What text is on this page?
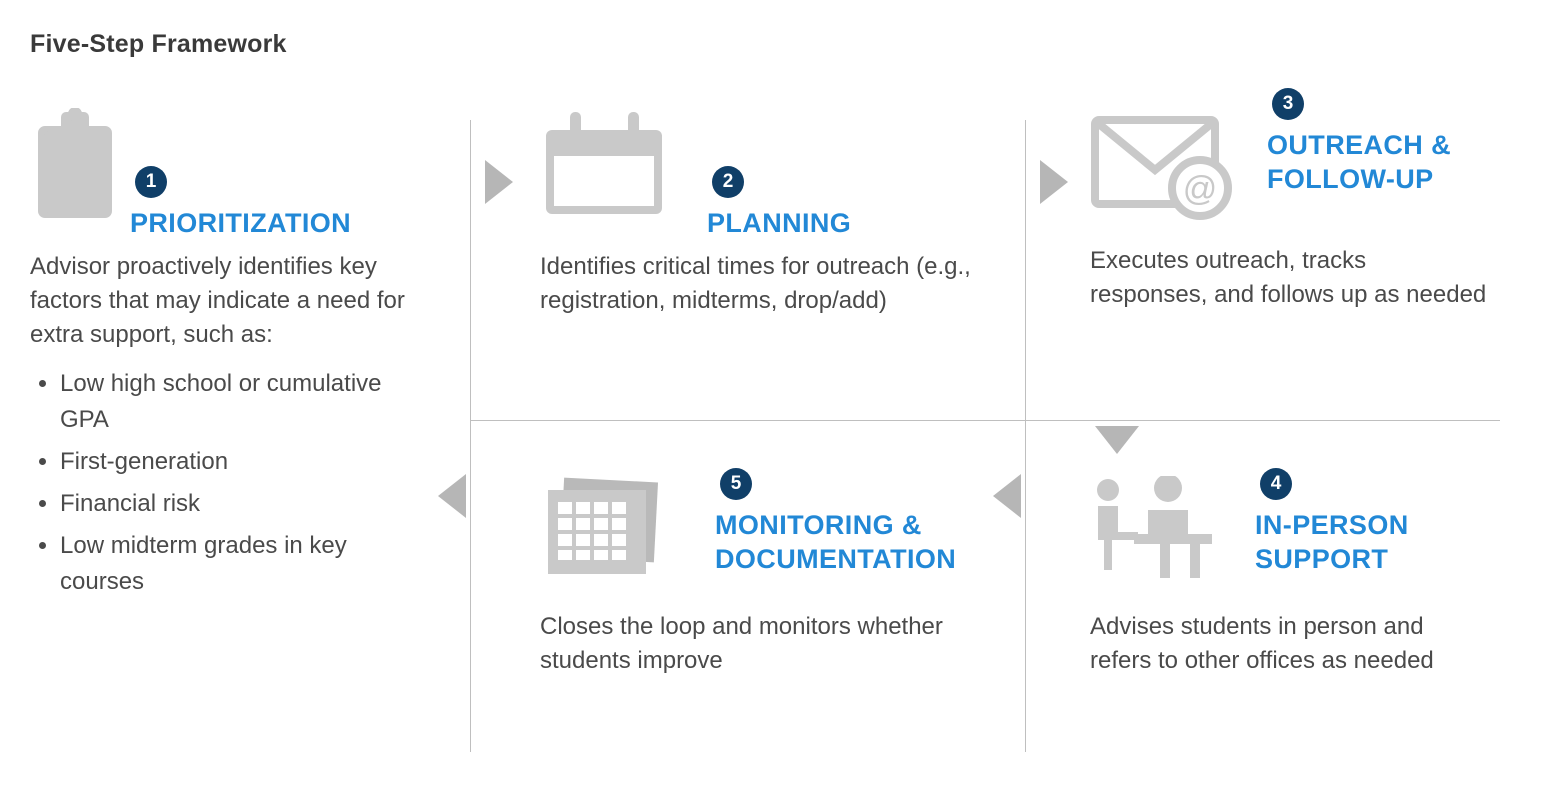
Five-Step Framework
1
PRIORITIZATION
Advisor proactively identifies key factors that may indicate a need for extra support, such as:
• Low high school or cumulative GPA
• First-generation
• Financial risk
• Low midterm grades in key courses
2
PLANNING
Identifies critical times for outreach (e.g., registration, midterms, drop/add)
@
3
OUTREACH & FOLLOW-UP
Executes outreach, tracks responses, and follows up as needed
5
MONITORING & DOCUMENTATION
Closes the loop and monitors whether students improve
4
IN-PERSON SUPPORT
Advises students in person and refers to other offices as needed
